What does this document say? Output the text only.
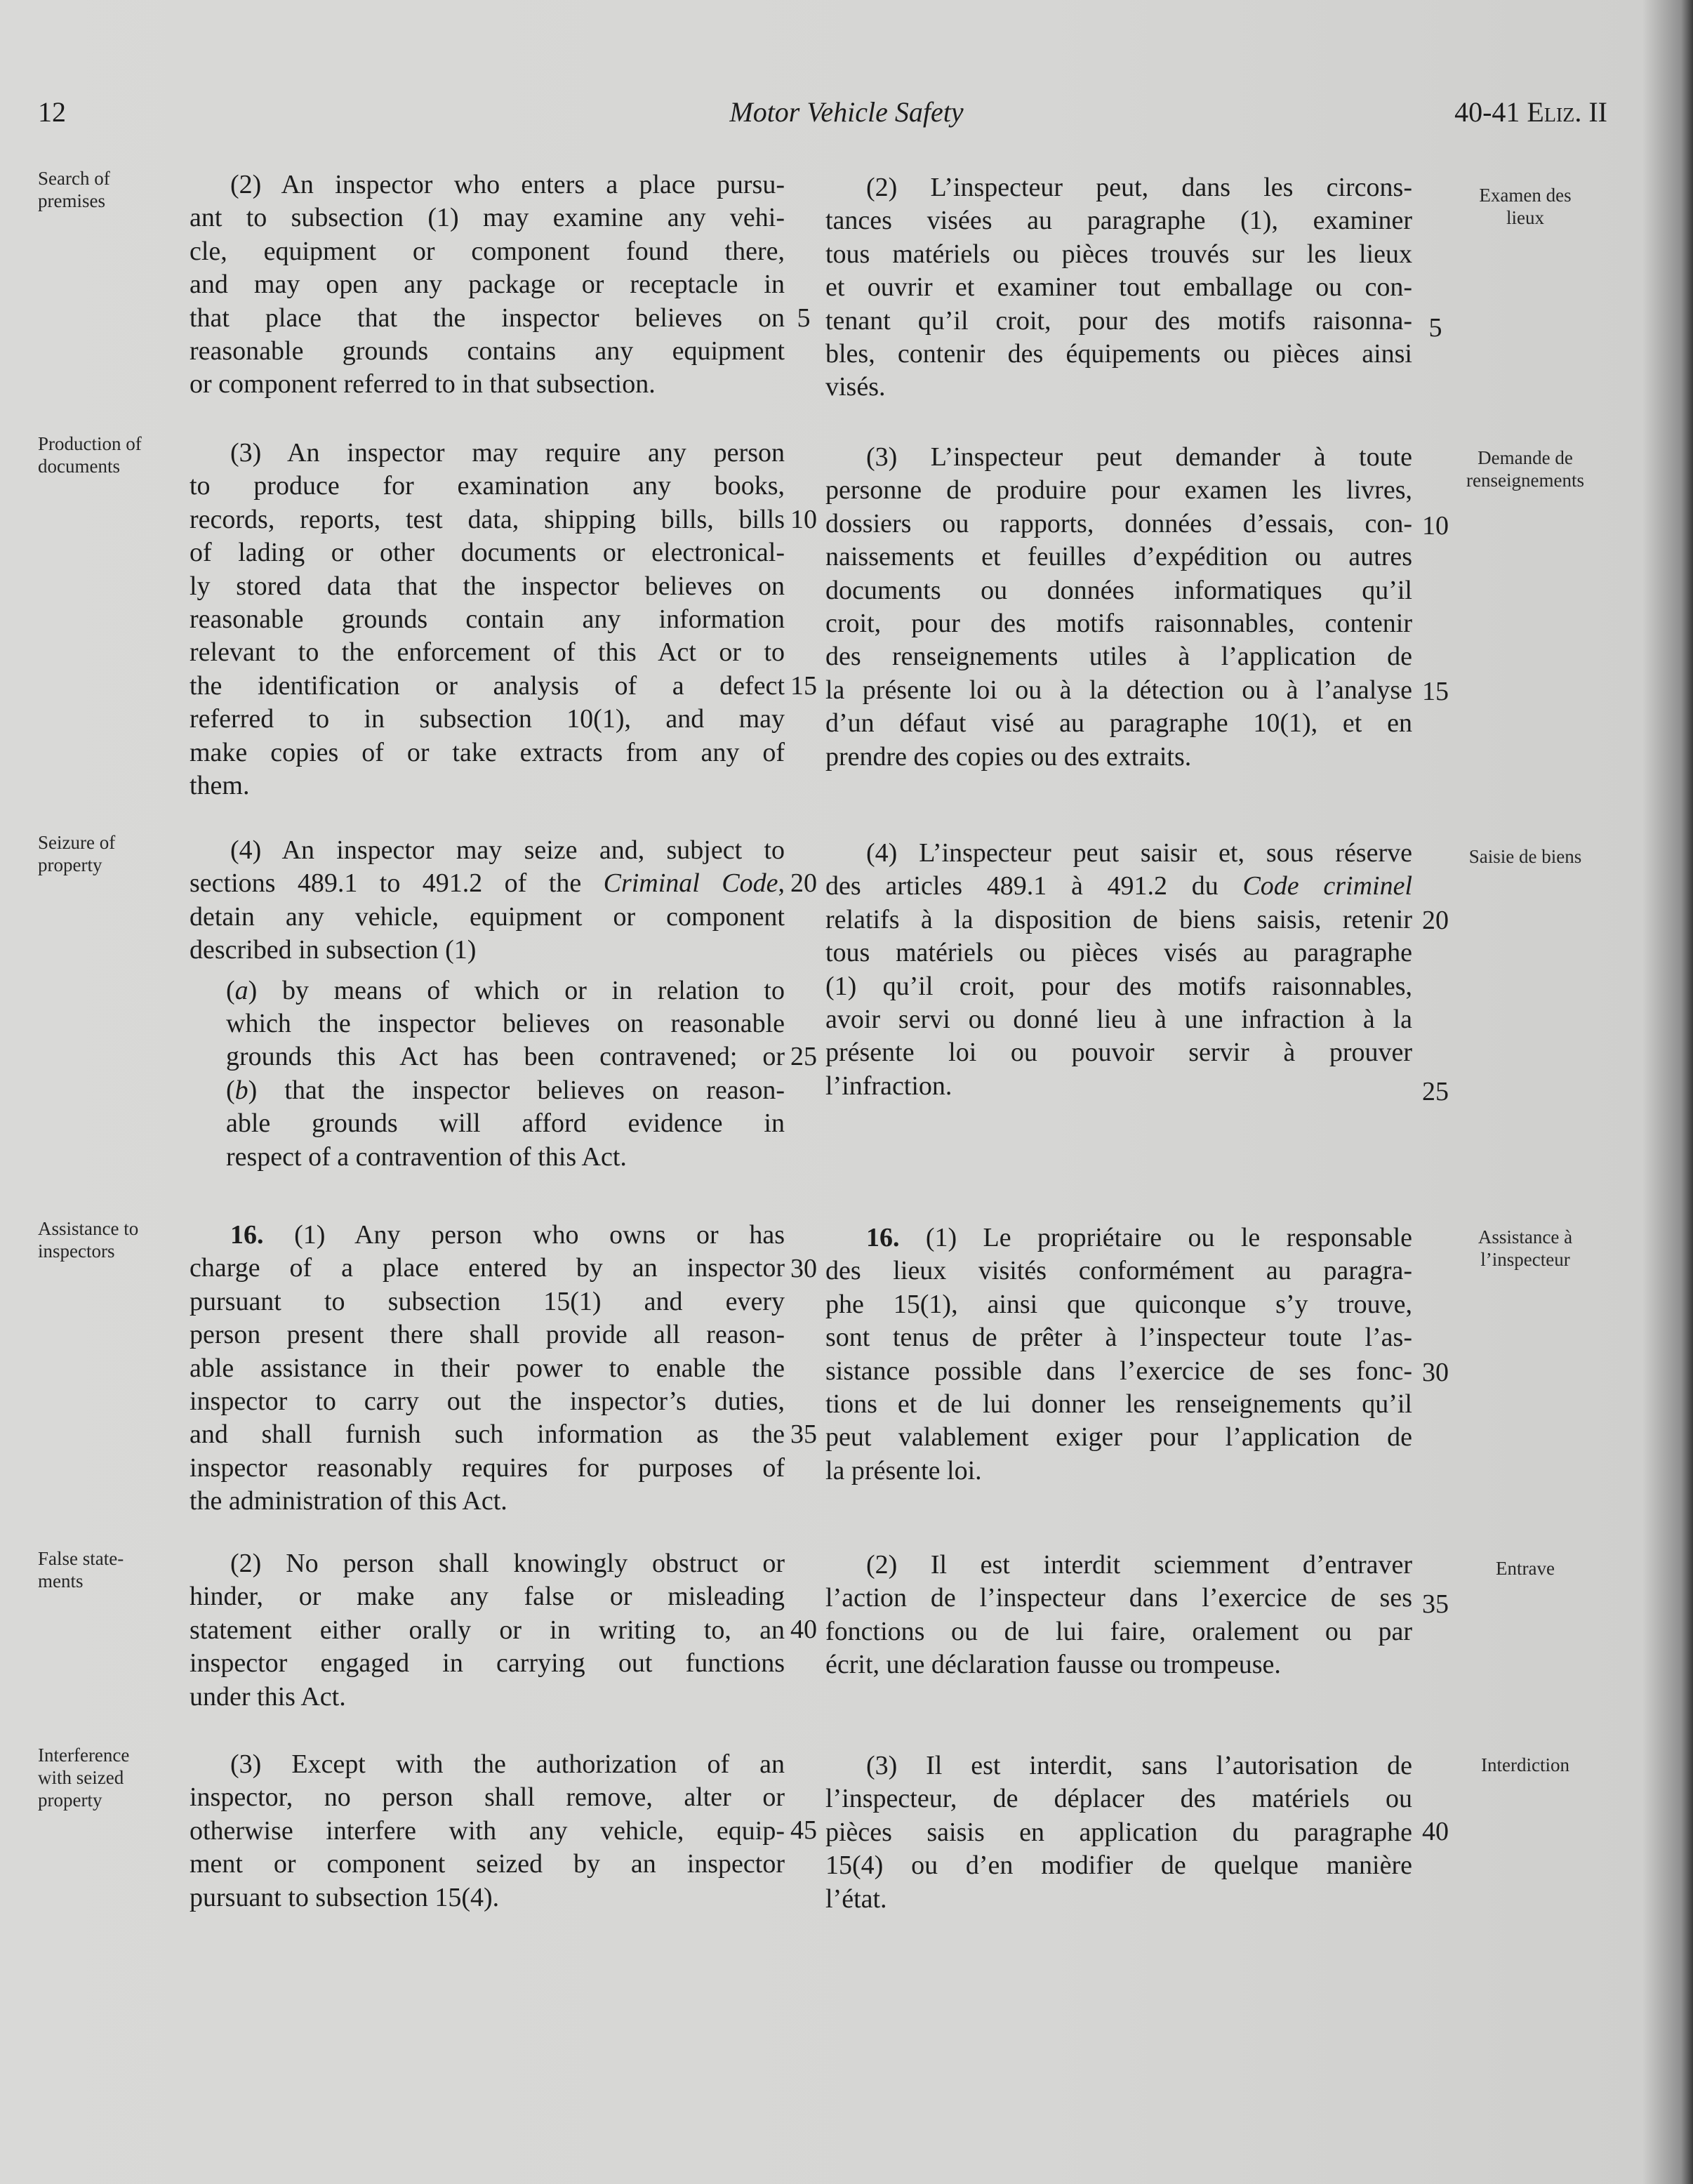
12	Motor Vehicle Safety	40-41 Eliz. II
Search of
premises
Production of
documents
Seizure of
property
Assistance to
inspectors
False state-
ments
Interference
with seized
property
Examen des
lieux
Demande de
renseignements
Saisie de biens
Assistance à
l’inspecteur
Entrave
Interdiction
(2) An inspector who enters a place pursu-
ant to subsection (1) may examine any vehi-
cle, equipment or component found there,
and may open any package or receptacle in
that place that the inspector believes on
reasonable grounds contains any equipment
or component referred to in that subsection.
(3) An inspector may require any person
to produce for examination any books,
records, reports, test data, shipping bills, bills
of lading or other documents or electronical-
ly stored data that the inspector believes on
reasonable grounds contain any information
relevant to the enforcement of this Act or to
the identification or analysis of a defect
referred to in subsection 10(1), and may
make copies of or take extracts from any of
them.
(4) An inspector may seize and, subject to
sections 489.1 to 491.2 of the Criminal Code,
detain any vehicle, equipment or component
described in subsection (1)
(a) by means of which or in relation to
which the inspector believes on reasonable
grounds this Act has been contravened; or
(b) that the inspector believes on reason-
able grounds will afford evidence in
respect of a contravention of this Act.
16. (1) Any person who owns or has
charge of a place entered by an inspector
pursuant to subsection 15(1) and every
person present there shall provide all reason-
able assistance in their power to enable the
inspector to carry out the inspector’s duties,
and shall furnish such information as the
inspector reasonably requires for purposes of
the administration of this Act.
(2) No person shall knowingly obstruct or
hinder, or make any false or misleading
statement either orally or in writing to, an
inspector engaged in carrying out functions
under this Act.
(3) Except with the authorization of an
inspector, no person shall remove, alter or
otherwise interfere with any vehicle, equip-
ment or component seized by an inspector
pursuant to subsection 15(4).
(2) L’inspecteur peut, dans les circons-
tances visées au paragraphe (1), examiner
tous matériels ou pièces trouvés sur les lieux
et ouvrir et examiner tout emballage ou con-
tenant qu’il croit, pour des motifs raisonna-
bles, contenir des équipements ou pièces ainsi
visés.
(3) L’inspecteur peut demander à toute
personne de produire pour examen les livres,
dossiers ou rapports, données d’essais, con-
naissements et feuilles d’expédition ou autres
documents ou données informatiques qu’il
croit, pour des motifs raisonnables, contenir
des renseignements utiles à l’application de
la présente loi ou à la détection ou à l’analyse
d’un défaut visé au paragraphe 10(1), et en
prendre des copies ou des extraits.
(4) L’inspecteur peut saisir et, sous réserve
des articles 489.1 à 491.2 du Code criminel
relatifs à la disposition de biens saisis, retenir
tous matériels ou pièces visés au paragraphe
(1) qu’il croit, pour des motifs raisonnables,
avoir servi ou donné lieu à une infraction à la
présente loi ou pouvoir servir à prouver
l’infraction.
16. (1) Le propriétaire ou le responsable
des lieux visités conformément au paragra-
phe 15(1), ainsi que quiconque s’y trouve,
sont tenus de prêter à l’inspecteur toute l’as-
sistance possible dans l’exercice de ses fonc-
tions et de lui donner les renseignements qu’il
peut valablement exiger pour l’application de
la présente loi.
(2) Il est interdit sciemment d’entraver
l’action de l’inspecteur dans l’exercice de ses
fonctions ou de lui faire, oralement ou par
écrit, une déclaration fausse ou trompeuse.
(3) Il est interdit, sans l’autorisation de
l’inspecteur, de déplacer des matériels ou
pièces saisis en application du paragraphe
15(4) ou d’en modifier de quelque manière
l’état.
5
10
15
20
25
30
35
40
45
5
10
15
20
25
30
35
40
